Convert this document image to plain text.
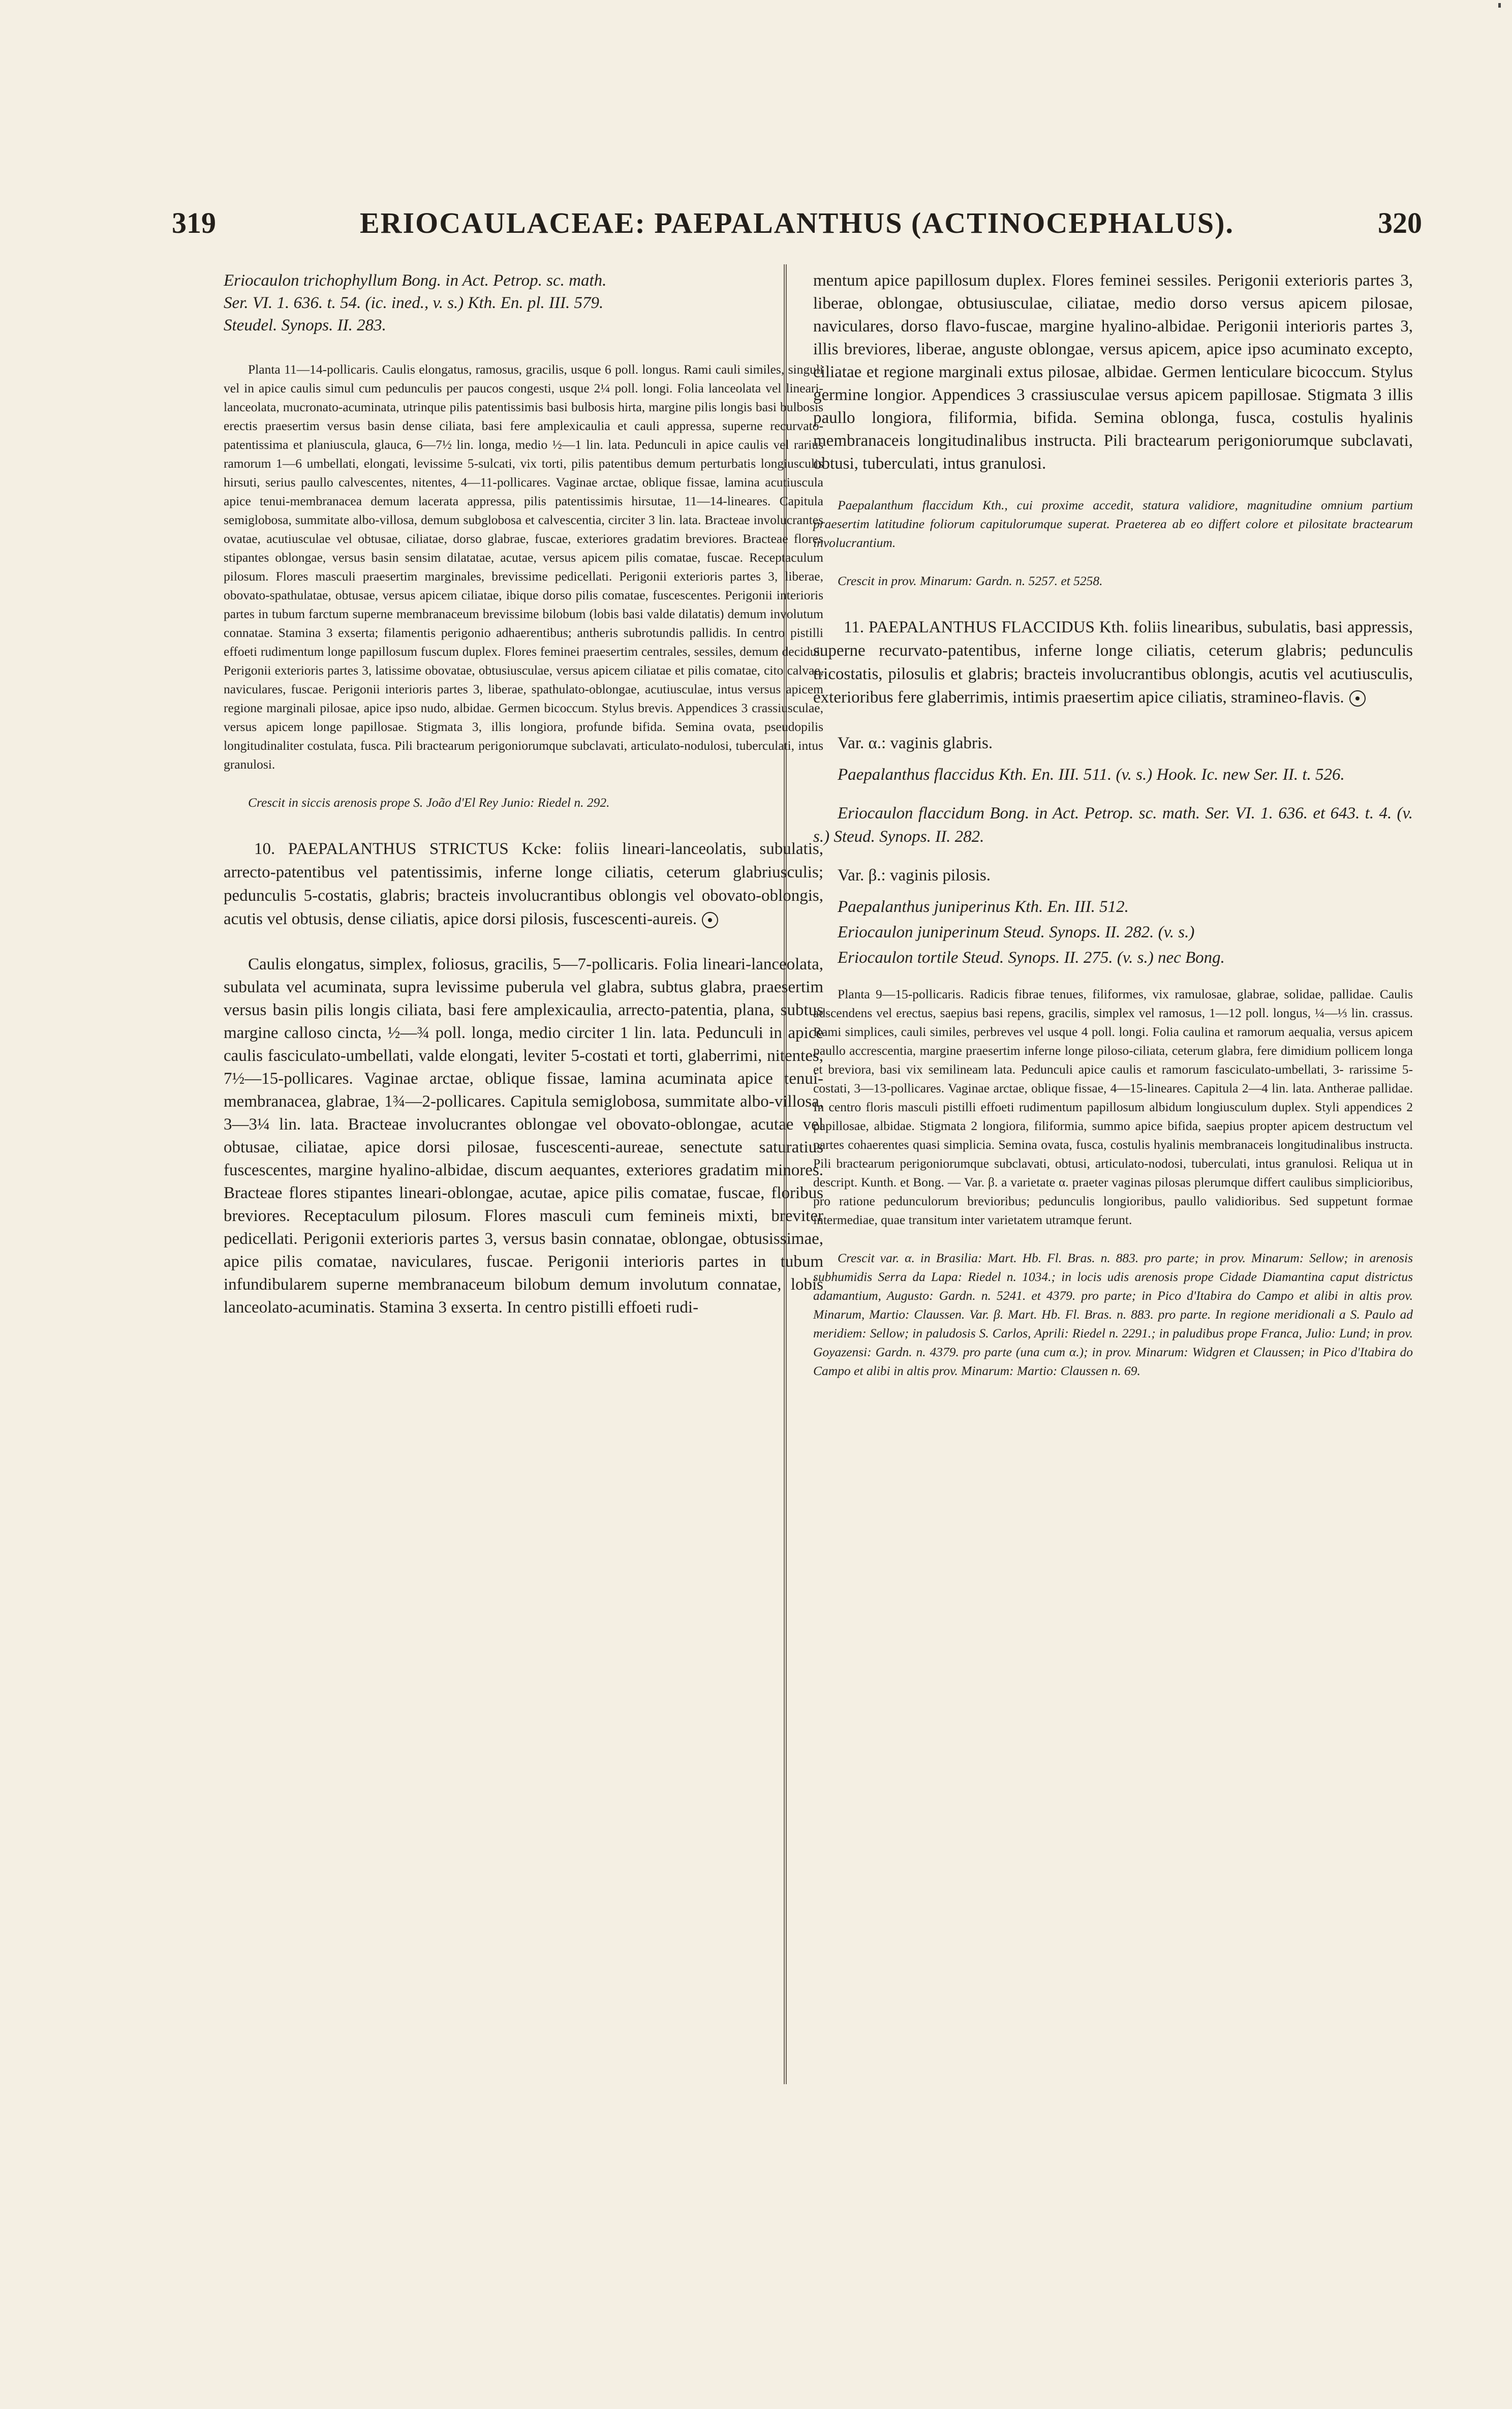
319	ERIOCAULACEAE: PAEPALANTHUS (ACTINOCEPHALUS).	320

Eriocaulon trichophyllum Bong. in Act. Petrop. sc. math.

Ser. VI. 1. 636. t. 54. (ic. ined., v. s.) Kth. En. pl. III. 579.

Steudel. Synops. II. 283.

Planta 11—14-pollicaris. Caulis elongatus, ramosus, gracilis, usque 6 poll. longus. Rami cauli similes, singuli vel in apice caulis simul cum pedunculis per paucos congesti, usque 2¼ poll. longi. Folia lanceolata vel lineari-lanceolata, mucronato-acuminata, utrinque pilis patentissimis basi bulbosis hirta, margine pilis longis basi bulbosis erectis praesertim versus basin dense ciliata, basi fere amplexicaulia et cauli appressa, superne recurvato-patentissima et planiuscula, glauca, 6—7½ lin. longa, medio ½—1 lin. lata. Pedunculi in apice caulis vel rarius ramorum 1—6 umbellati, elongati, levissime 5-sulcati, vix torti, pilis patentibus demum perturbatis longiusculis hirsuti, serius paullo calvescentes, nitentes, 4—11-pollicares. Vaginae arctae, oblique fissae, lamina acutiuscula apice tenui-membranacea demum lacerata appressa, pilis patentissimis hirsutae, 11—14-lineares. Capitula semiglobosa, summitate albo-villosa, demum subglobosa et calvescentia, circiter 3 lin. lata. Bracteae involucrantes ovatae, acutiusculae vel obtusae, ciliatae, dorso glabrae, fuscae, exteriores gradatim breviores. Bracteae flores stipantes oblongae, versus basin sensim dilatatae, acutae, versus apicem pilis comatae, fuscae. Receptaculum pilosum. Flores masculi praesertim marginales, brevissime pedicellati. Perigonii exterioris partes 3, liberae, obovato-spathulatae, obtusae, versus apicem ciliatae, ibique dorso pilis comatae, fuscescentes. Perigonii interioris partes in tubum farctum superne membranaceum brevissime bilobum (lobis basi valde dilatatis) demum involutum connatae. Stamina 3 exserta; filamentis perigonio adhaerentibus; antheris subrotundis pallidis. In centro pistilli effoeti rudimentum longe papillosum fuscum duplex. Flores feminei praesertim centrales, sessiles, demum decidui. Perigonii exterioris partes 3, latissime obovatae, obtusiusculae, versus apicem ciliatae et pilis comatae, cito calvae, naviculares, fuscae. Perigonii interioris partes 3, liberae, spathulato-oblongae, acutiusculae, intus versus apicem regione marginali pilosae, apice ipso nudo, albidae. Germen bicoccum. Stylus brevis. Appendices 3 crassiusculae, versus apicem longe papillosae. Stigmata 3, illis longiora, profunde bifida. Semina ovata, pseudopilis longitudinaliter costulata, fusca. Pili bractearum perigoniorumque subclavati, articulato-nodulosi, tuberculati, intus granulosi.

Crescit in siccis arenosis prope S. João d'El Rey Junio: Riedel n. 292.

10. PAEPALANTHUS STRICTUS Kcke: foliis lineari-lanceolatis, subulatis, arrecto-patentibus vel patentissimis, inferne longe ciliatis, ceterum glabriusculis; pedunculis 5-costatis, glabris; bracteis involucrantibus oblongis vel obovato-oblongis, acutis vel obtusis, dense ciliatis, apice dorsi pilosis, fuscescenti-aureis.

Caulis elongatus, simplex, foliosus, gracilis, 5—7-pollicaris. Folia lineari-lanceolata, subulata vel acuminata, supra levissime puberula vel glabra, subtus glabra, praesertim versus basin pilis longis ciliata, basi fere amplexicaulia, arrecto-patentia, plana, subtus margine calloso cincta, ½—¾ poll. longa, medio circiter 1 lin. lata. Pedunculi in apice caulis fasciculato-umbellati, valde elongati, leviter 5-costati et torti, glaberrimi, nitentes, 7½—15-pollicares. Vaginae arctae, oblique fissae, lamina acuminata apice tenui-membranacea, glabrae, 1¾—2-pollicares. Capitula semiglobosa, summitate albo-villosa, 3—3¼ lin. lata. Bracteae involucrantes oblongae vel obovato-oblongae, acutae vel obtusae, ciliatae, apice dorsi pilosae, fuscescenti-aureae, senectute saturatius fuscescentes, margine hyalino-albidae, discum aequantes, exteriores gradatim minores. Bracteae flores stipantes lineari-oblongae, acutae, apice pilis comatae, fuscae, floribus breviores. Receptaculum pilosum. Flores masculi cum femineis mixti, breviter pedicellati. Perigonii exterioris partes 3, versus basin connatae, oblongae, obtusissimae, apice pilis comatae, naviculares, fuscae. Perigonii interioris partes in tubum infundibularem superne membranaceum bilobum demum involutum connatae, lobis lanceolato-acuminatis. Stamina 3 exserta. In centro pistilli effoeti rudi-

mentum apice papillosum duplex. Flores feminei sessiles. Perigonii exterioris partes 3, liberae, oblongae, obtusiusculae, ciliatae, medio dorso versus apicem pilosae, naviculares, dorso flavo-fuscae, margine hyalino-albidae. Perigonii interioris partes 3, illis breviores, liberae, anguste oblongae, versus apicem, apice ipso acuminato excepto, ciliatae et regione marginali extus pilosae, albidae. Germen lenticulare bicoccum. Stylus germine longior. Appendices 3 crassiusculae versus apicem papillosae. Stigmata 3 illis paullo longiora, filiformia, bifida. Semina oblonga, fusca, costulis hyalinis membranaceis longitudinalibus instructa. Pili bractearum perigoniorumque subclavati, obtusi, tuberculati, intus granulosi.

Paepalanthum flaccidum Kth., cui proxime accedit, statura validiore, magnitudine omnium partium praesertim latitudine foliorum capitulorumque superat. Praeterea ab eo differt colore et pilositate bractearum involucrantium.

Crescit in prov. Minarum: Gardn. n. 5257. et 5258.

11. PAEPALANTHUS FLACCIDUS Kth. foliis linearibus, subulatis, basi appressis, superne recurvato-patentibus, inferne longe ciliatis, ceterum glabris; pedunculis tricostatis, pilosulis et glabris; bracteis involucrantibus oblongis, acutis vel acutiusculis, exterioribus fere glaberrimis, intimis praesertim apice ciliatis, stramineo-flavis.

Var. α.: vaginis glabris.

Paepalanthus flaccidus Kth. En. III. 511. (v. s.) Hook. Ic. new Ser. II. t. 526.

Eriocaulon flaccidum Bong. in Act. Petrop. sc. math. Ser. VI. 1. 636. et 643. t. 4. (v. s.) Steud. Synops. II. 282.

Var. β.: vaginis pilosis.

Paepalanthus juniperinus Kth. En. III. 512.

Eriocaulon juniperinum Steud. Synops. II. 282. (v. s.)

Eriocaulon tortile Steud. Synops. II. 275. (v. s.) nec Bong.

Planta 9—15-pollicaris. Radicis fibrae tenues, filiformes, vix ramulosae, glabrae, solidae, pallidae. Caulis adscendens vel erectus, saepius basi repens, gracilis, simplex vel ramosus, 1—12 poll. longus, ¼—⅓ lin. crassus. Rami simplices, cauli similes, perbreves vel usque 4 poll. longi. Folia caulina et ramorum aequalia, versus apicem paullo accrescentia, margine praesertim inferne longe piloso-ciliata, ceterum glabra, fere dimidium pollicem longa et breviora, basi vix semilineam lata. Pedunculi apice caulis et ramorum fasciculato-umbellati, 3- rarissime 5-costati, 3—13-pollicares. Vaginae arctae, oblique fissae, 4—15-lineares. Capitula 2—4 lin. lata. Antherae pallidae. In centro floris masculi pistilli effoeti rudimentum papillosum albidum longiusculum duplex. Styli appendices 2 papillosae, albidae. Stigmata 2 longiora, filiformia, summo apice bifida, saepius propter apicem destructum vel partes cohaerentes quasi simplicia. Semina ovata, fusca, costulis hyalinis membranaceis longitudinalibus instructa. Pili bractearum perigoniorumque subclavati, obtusi, articulato-nodosi, tuberculati, intus granulosi. Reliqua ut in descript. Kunth. et Bong. — Var. β. a varietate α. praeter vaginas pilosas plerumque differt caulibus simplicioribus, pro ratione pedunculorum brevioribus; pedunculis longioribus, paullo validioribus. Sed suppetunt formae intermediae, quae transitum inter varietatem utramque ferunt.

Crescit var. α. in Brasilia: Mart. Hb. Fl. Bras. n. 883. pro parte; in prov. Minarum: Sellow; in arenosis subhumidis Serra da Lapa: Riedel n. 1034.; in locis udis arenosis prope Cidade Diamantina caput districtus adamantium, Augusto: Gardn. n. 5241. et 4379. pro parte; in Pico d'Itabira do Campo et alibi in altis prov. Minarum, Martio: Claussen. Var. β. Mart. Hb. Fl. Bras. n. 883. pro parte. In regione meridionali a S. Paulo ad meridiem: Sellow; in paludosis S. Carlos, Aprili: Riedel n. 2291.; in paludibus prope Franca, Julio: Lund; in prov. Goyazensi: Gardn. n. 4379. pro parte (una cum α.); in prov. Minarum: Widgren et Claussen; in Pico d'Itabira do Campo et alibi in altis prov. Minarum: Martio: Claussen n. 69.
